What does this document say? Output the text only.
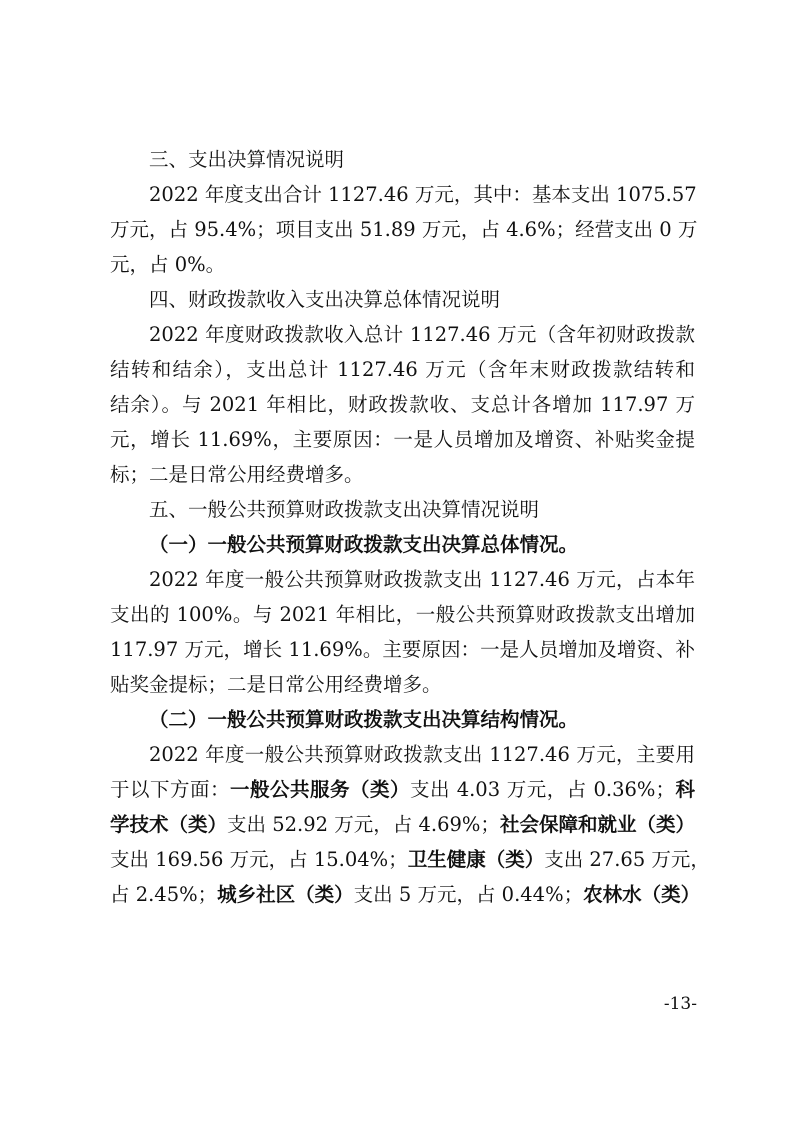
三、支出决算情况说明
2022 年度支出合计 1127.46 万元，其中：基本支出 1075.57
万元，占 95.4%；项目支出 51.89 万元，占 4.6%；经营支出 0 万
元，占 0%。
四、财政拨款收入支出决算总体情况说明
2022 年度财政拨款收入总计 1127.46 万元（含年初财政拨款
结转和结余），支出总计 1127.46 万元（含年末财政拨款结转和
结余）。与 2021 年相比，财政拨款收、支总计各增加 117.97 万
元，增长 11.69%，主要原因：一是人员增加及增资、补贴奖金提
标；二是日常公用经费增多。
五、一般公共预算财政拨款支出决算情况说明
（一）一般公共预算财政拨款支出决算总体情况。
2022 年度一般公共预算财政拨款支出 1127.46 万元，占本年
支出的 100%。与 2021 年相比，一般公共预算财政拨款支出增加
117.97 万元，增长 11.69%。主要原因：一是人员增加及增资、补
贴奖金提标；二是日常公用经费增多。
（二）一般公共预算财政拨款支出决算结构情况。
2022 年度一般公共预算财政拨款支出 1127.46 万元，主要用
于以下方面：一般公共服务（类）支出 4.03 万元，占 0.36%；科
学技术（类）支出 52.92 万元，占 4.69%；社会保障和就业（类）
支出 169.56 万元，占 15.04%；卫生健康（类）支出 27.65 万元，
占 2.45%；城乡社区（类）支出 5 万元，占 0.44%；农林水（类）
-13-
